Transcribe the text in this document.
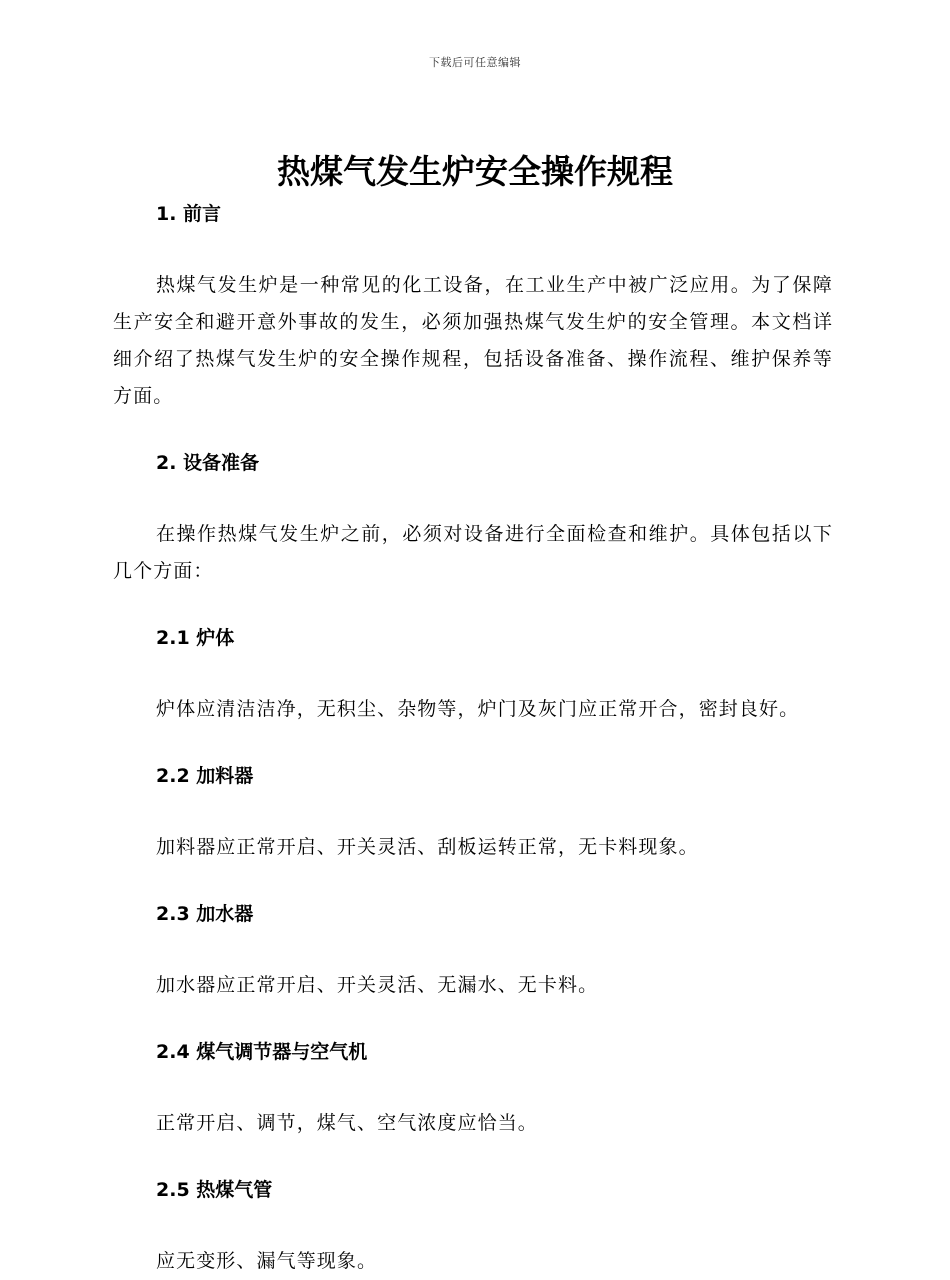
下载后可任意编辑
热煤气发生炉安全操作规程
1. 前言

热煤气发生炉是一种常见的化工设备，在工业生产中被广泛应用。为了保障生产安全和避开意外事故的发生，必须加强热煤气发生炉的安全管理。本文档详细介绍了热煤气发生炉的安全操作规程，包括设备准备、操作流程、维护保养等方面。

2. 设备准备

在操作热煤气发生炉之前，必须对设备进行全面检查和维护。具体包括以下几个方面：

2.1 炉体

炉体应清洁洁净，无积尘、杂物等，炉门及灰门应正常开合，密封良好。

2.2 加料器

加料器应正常开启、开关灵活、刮板运转正常，无卡料现象。

2.3 加水器

加水器应正常开启、开关灵活、无漏水、无卡料。

2.4 煤气调节器与空气机

正常开启、调节，煤气、空气浓度应恰当。

2.5 热煤气管

应无变形、漏气等现象。
